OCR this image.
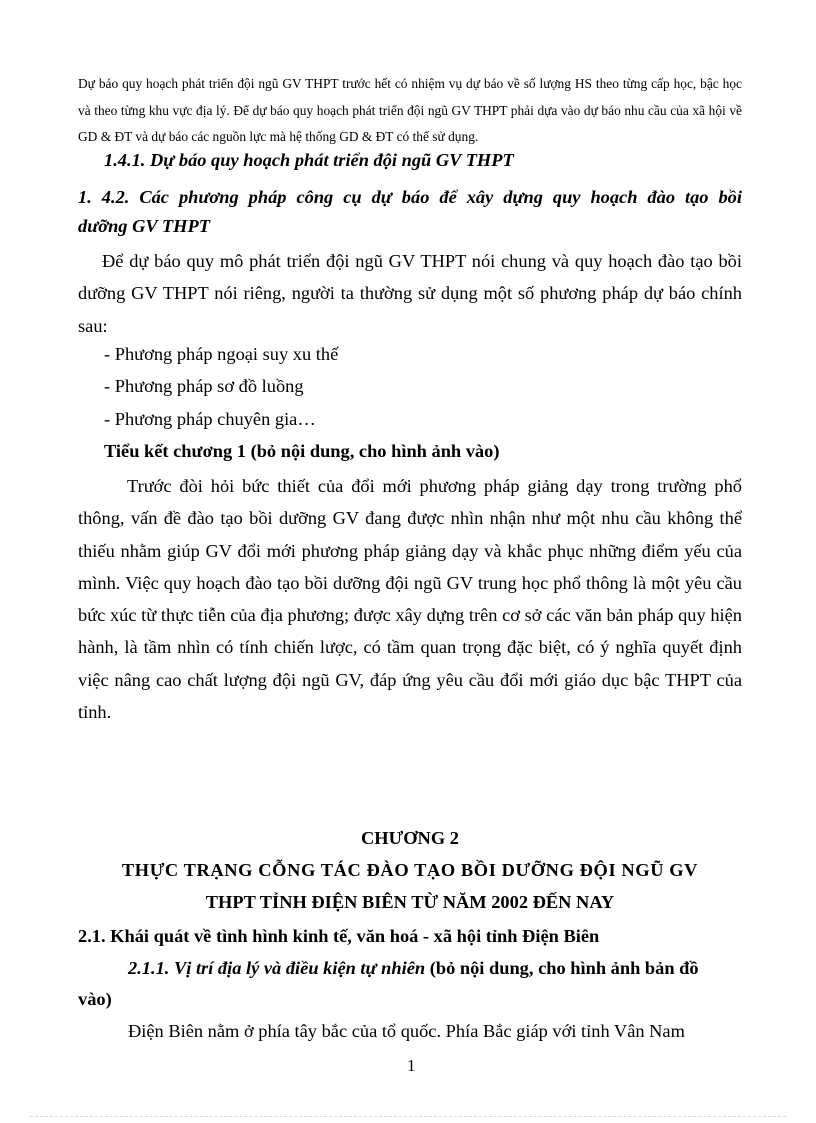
Dự báo quy hoạch phát triển đội ngũ GV THPT trước hết có nhiệm vụ dự báo về số lượng HS theo từng cấp học, bậc học và theo từng khu vực địa lý. Để dự báo quy hoạch phát triển đội ngũ GV THPT phải dựa vào dự báo nhu cầu của xã hội về GD & ĐT và dự báo các nguồn lực mà hệ thống GD & ĐT có thể sử dụng.
1.4.1. Dự báo quy hoạch phát triển đội ngũ GV THPT
1. 4.2. Các phương pháp công cụ dự báo để xây dựng quy hoạch đào tạo bồi
dưỡng GV THPT
Để dự báo quy mô phát triển đội ngũ GV THPT nói chung và quy hoạch đào tạo bồi dưỡng GV THPT nói riêng, người ta thường sử dụng một số phương pháp dự báo chính sau:
- Phương pháp ngoại suy xu thế
- Phương pháp sơ đồ luồng
- Phương pháp chuyên gia…
Tiểu kết chương 1 (bỏ nội dung, cho hình ảnh vào)
Trước đòi hỏi bức thiết của đổi mới phương pháp giảng dạy trong trường phổ thông, vấn đề đào tạo bồi dưỡng GV đang được nhìn nhận như một nhu cầu không thể thiếu nhằm giúp GV đổi mới phương pháp giảng dạy và khắc phục những điểm yếu của mình. Việc quy hoạch đào tạo bồi dưỡng đội ngũ GV trung học phổ thông là một yêu cầu bức xúc từ thực tiễn của địa phương; được xây dựng trên cơ sở các văn bản pháp quy hiện hành, là tầm nhìn có tính chiến lược, có tầm quan trọng đặc biệt, có ý nghĩa quyết định việc nâng cao chất lượng đội ngũ GV, đáp ứng yêu cầu đổi mới giáo dục bậc THPT của tỉnh.
CHƯƠNG 2
THỰC TRẠNG CỖNG TÁC ĐÀO TẠO BỒI DƯỠNG ĐỘI NGŨ GV
THPT TỈNH ĐIỆN BIÊN TỪ NĂM 2002 ĐẾN NAY
2.1. Khái quát về tình hình kinh tế, văn hoá - xã hội tỉnh Điện Biên
2.1.1. Vị trí địa lý và điều kiện tự nhiên (bỏ nội dung, cho hình ảnh bản đồ
vào)
Điện Biên nằm ở phía tây bắc của tổ quốc. Phía Bắc giáp với tỉnh Vân Nam
1
